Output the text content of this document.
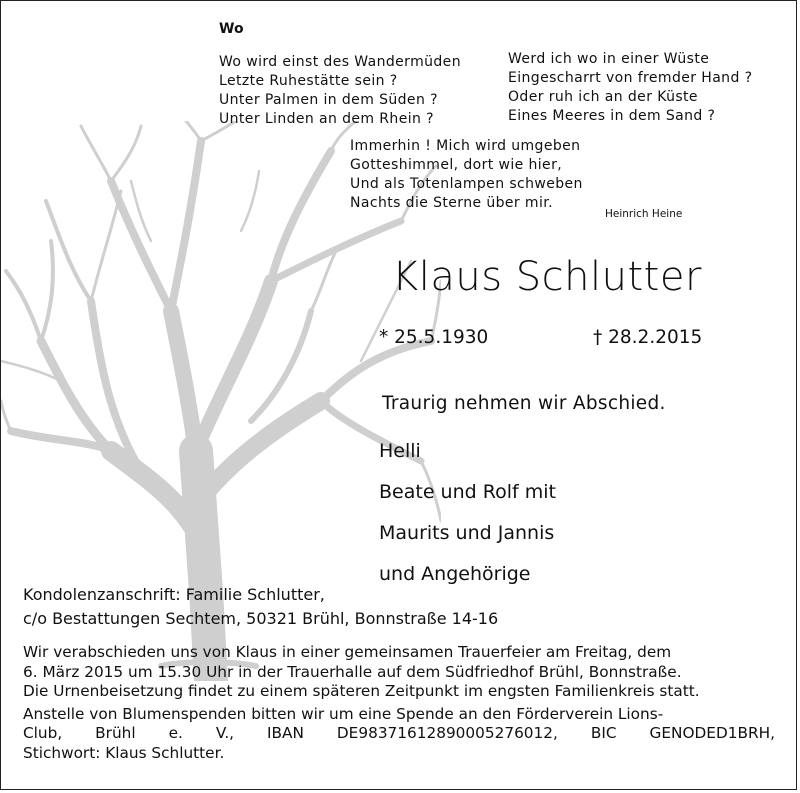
Wo
Wo wird einst des Wandermüden
Letzte Ruhestätte sein ?
Unter Palmen in dem Süden ?
Unter Linden an dem Rhein ?
Werd ich wo in einer Wüste
Eingescharrt von fremder Hand ?
Oder ruh ich an der Küste
Eines Meeres in dem Sand ?
Immerhin ! Mich wird umgeben
Gotteshimmel, dort wie hier,
Und als Totenlampen schweben
Nachts die Sterne über mir.
Heinrich Heine
Klaus Schlutter
* 25.5.1930	† 28.2.2015
Traurig nehmen wir Abschied.
Helli
Beate und Rolf mit
Maurits und Jannis
und Angehörige
Kondolenzanschrift: Familie Schlutter,
c/o Bestattungen Sechtem, 50321 Brühl, Bonnstraße 14-16
Wir verabschieden uns von Klaus in einer gemeinsamen Trauerfeier am Freitag, dem
6. März 2015 um 15.30 Uhr in der Trauerhalle auf dem Südfriedhof Brühl, Bonnstraße.
Die Urnenbeisetzung findet zu einem späteren Zeitpunkt im engsten Familienkreis statt.
Anstelle von Blumenspenden bitten wir um eine Spende an den Förderverein Lions-
Club, Brühl e. V., IBAN DE98371612890005276012, BIC GENODED1BRH,
Stichwort: Klaus Schlutter.
